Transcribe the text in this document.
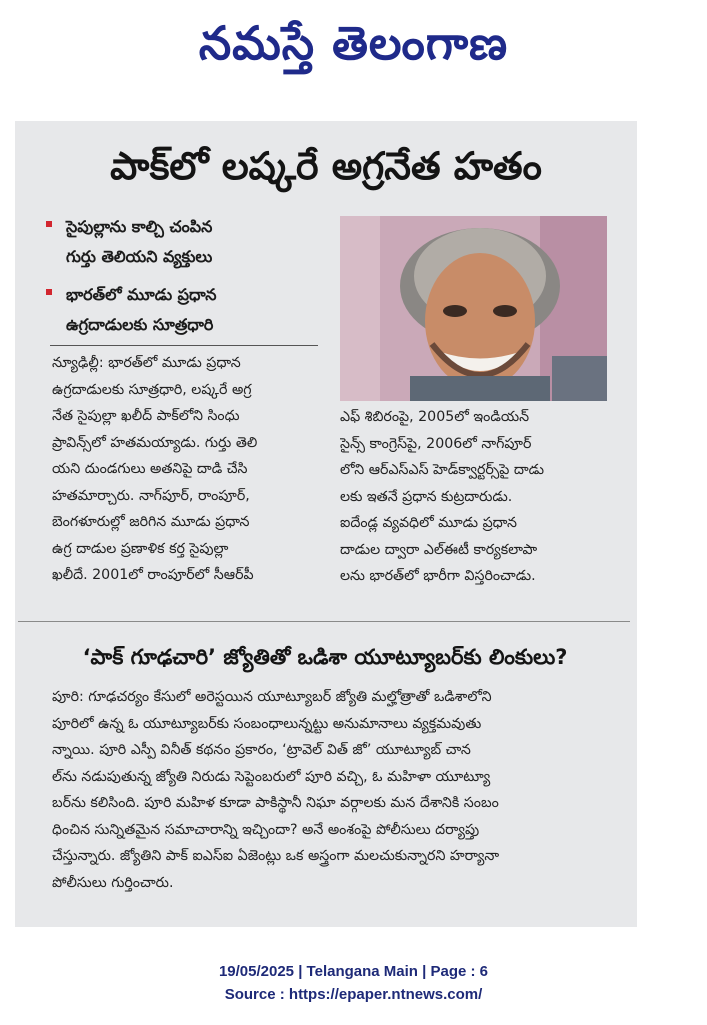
నమస్తే తెలంగాణ
పాక్‌లో లష్కరే అగ్రనేత హతం
సైపుల్లాను కాల్చి చంపిన
గుర్తు తెలియని వ్యక్తులు
భారత్‌లో మూడు ప్రధాన
ఉగ్రదాడులకు సూత్రధారి
న్యూఢిల్లీ: భారత్‌లో మూడు ప్రధాన
ఉగ్రదాడులకు సూత్రధారి, లష్కరే అగ్ర
నేత సైపుల్లా ఖలీద్ పాక్‌లోని సింధు
ప్రావిన్స్‌లో హతమయ్యాడు. గుర్తు తెలి
యని దుండగులు అతనిపై దాడి చేసి
హతమార్చారు. నాగ్‌పూర్, రాంపూర్,
బెంగళూరుల్లో జరిగిన మూడు ప్రధాన
ఉగ్ర దాడుల ప్రణాళిక కర్త సైపుల్లా
ఖలీదే. 2001లో రాంపూర్‌లో సీఆర్‌పీ
ఎఫ్ శిబిరంపై, 2005లో ఇండియన్
సైన్స్ కాంగ్రెస్‌పై, 2006లో నాగ్‌పూర్
లోని ఆర్‌ఎస్‌ఎస్ హెడ్‌క్వార్టర్స్‌పై దాడు
లకు ఇతనే ప్రధాన కుట్రదారుడు.
ఐదేండ్ల వ్యవధిలో మూడు ప్రధాన
దాడుల ద్వారా ఎల్‌ఈటీ కార్యకలాపా
లను భారత్‌లో భారీగా విస్తరించాడు.
‘పాక్ గూఢచారి’ జ్యోతితో ఒడిశా యూట్యూబర్‌కు లింకులు?
పూరి: గూఢచర్యం కేసులో అరెస్టయిన యూట్యూబర్ జ్యోతి మల్హోత్రాతో ఒడిశాలోని
పూరిలో ఉన్న ఓ యూట్యూబర్‌కు సంబంధాలున్నట్టు అనుమానాలు వ్యక్తమవుతు
న్నాయి. పూరి ఎస్పీ వినీత్ కథనం ప్రకారం, ‘ట్రావెల్ విత్ జో’ యూట్యూబ్ చాన
ల్‌ను నడుపుతున్న జ్యోతి నిరుడు సెప్టెంబరులో పూరి వచ్చి, ఓ మహిళా యూట్యూ
బర్‌ను కలిసింది. పూరి మహిళ కూడా పాకిస్థానీ నిఘా వర్గాలకు మన దేశానికి సంబం
ధించిన సున్నితమైన సమాచారాన్ని ఇచ్చిందా? అనే అంశంపై పోలీసులు దర్యాప్తు
చేస్తున్నారు. జ్యోతిని పాక్ ఐఎస్ఐ ఏజెంట్లు ఒక అస్త్రంగా మలచుకున్నారని హర్యానా
పోలీసులు గుర్తించారు.
19/05/2025 | Telangana Main | Page : 6
Source : https://epaper.ntnews.com/
